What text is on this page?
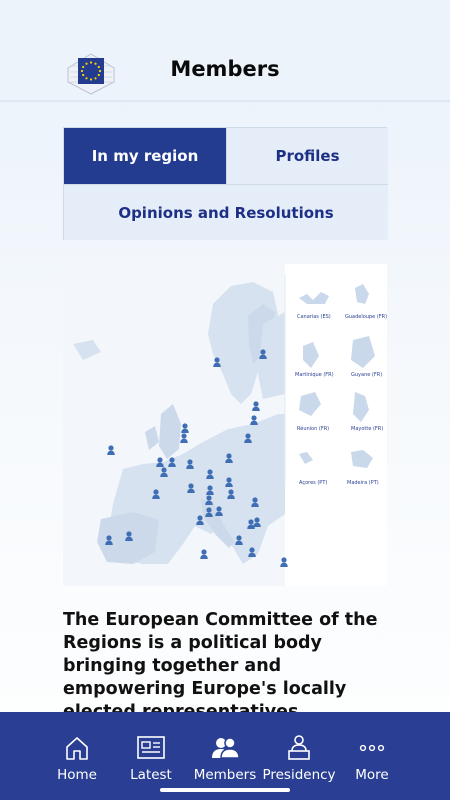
Members
In my region	Profiles
Opinions and Resolutions
Canarias (ES)	Guadeloupe (FR)
Martinique (FR)	Guyane (FR)
Réunion (FR)	Mayotte (FR)
Açores (PT)	Madeira (PT)
The European Committee of the Regions is a political body bringing together and empowering Europe's locally
Home	Latest	Members Presidency	More
